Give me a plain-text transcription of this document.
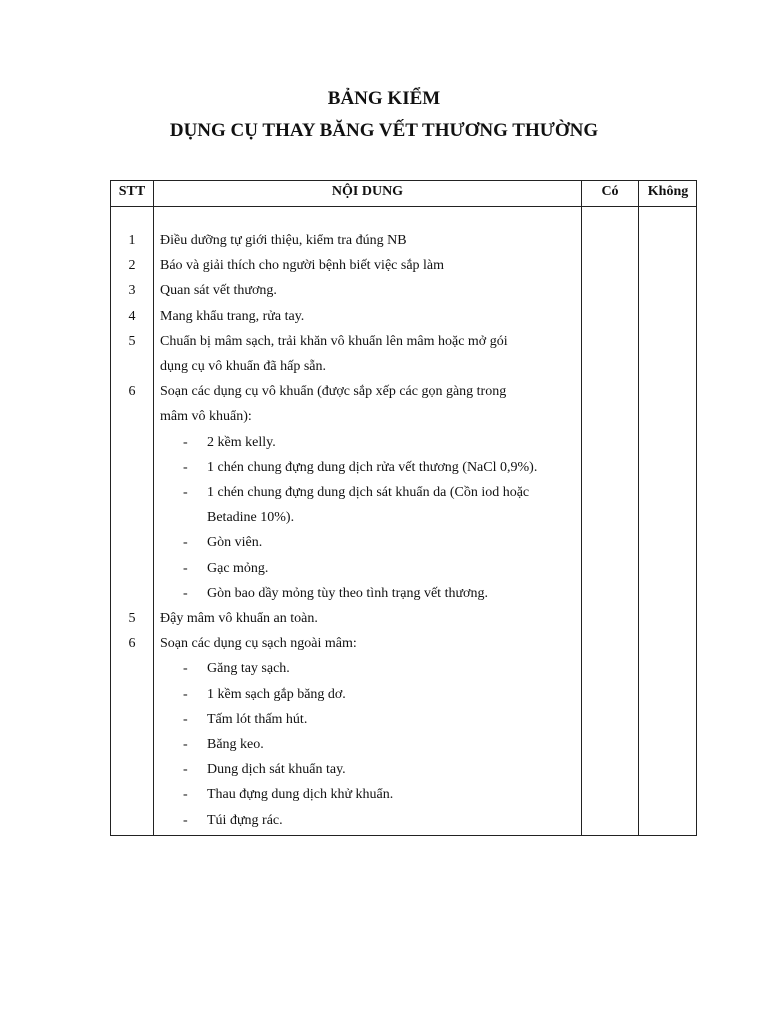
BẢNG KIỂM
DỤNG CỤ THAY BĂNG VẾT THƯƠNG THƯỜNG
STT	NỘI DUNG	Có	Không
1	Điều dưỡng tự giới thiệu, kiểm tra đúng NB
2	Báo và giải thích cho người bệnh biết việc sắp làm
3	Quan sát vết thương.
4	Mang khẩu trang, rửa tay.
5	Chuẩn bị mâm sạch, trải khăn vô khuẩn lên mâm hoặc mở gói
dụng cụ vô khuẩn đã hấp sẵn.
6	Soạn các dụng cụ vô khuẩn (được sắp xếp các gọn gàng trong
mâm vô khuẩn):
- 2 kềm kelly.
- 1 chén chung đựng dung dịch rửa vết thương (NaCl 0,9%).
- 1 chén chung đựng dung dịch sát khuẩn da (Cồn iod hoặc
Betadine 10%).
- Gòn viên.
- Gạc mỏng.
- Gòn bao dầy mỏng tùy theo tình trạng vết thương.
5	Đậy mâm vô khuẩn an toàn.
6	Soạn các dụng cụ sạch ngoài mâm:
- Găng tay sạch.
- 1 kềm sạch gắp băng dơ.
- Tấm lót thấm hút.
- Băng keo.
- Dung dịch sát khuẩn tay.
- Thau đựng dung dịch khử khuẩn.
- Túi đựng rác.
